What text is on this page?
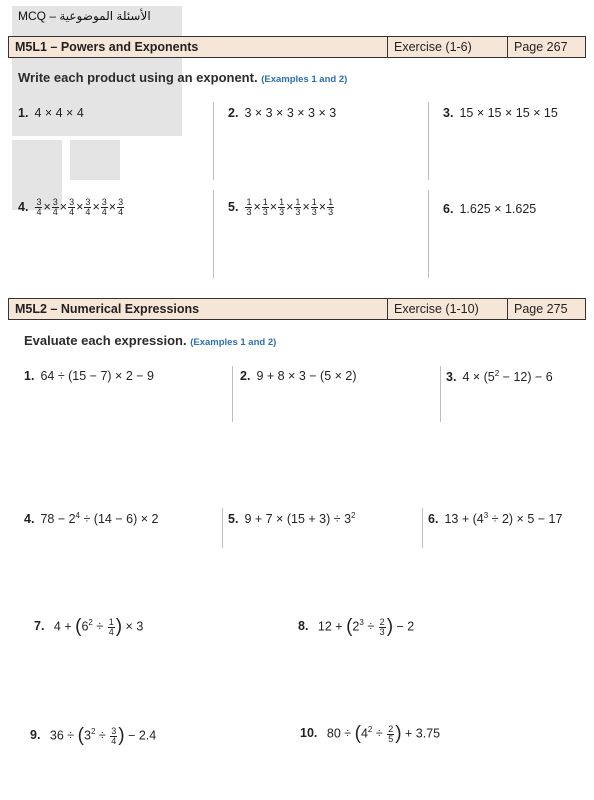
MCQ – الأسئلة الموضوعية
M5L1 – Powers and Exponents	Exercise (1-6)	Page 267
Write each product using an exponent. (Examples 1 and 2)
1. 4 × 4 × 4	2. 3 × 3 × 3 × 3 × 3	3. 15 × 15 × 15 × 15
4. $\frac{3}{4} \times \frac{3}{4} \times \frac{3}{4} \times \frac{3}{4} \times \frac{3}{4} \times \frac{3}{4}$	5. $\frac{1}{3} \times \frac{1}{3} \times \frac{1}{3} \times \frac{1}{3} \times \frac{1}{3} \times \frac{1}{3}$	6. 1.625 × 1.625
M5L2 – Numerical Expressions	Exercise (1-10)	Page 275
Evaluate each expression. (Examples 1 and 2)
1. 64 ÷ (15 − 7) × 2 − 9	2. 9 + 8 × 3 − (5 × 2)	3. $4 \times (5^2 - 12) - 6$
4. $78 - 2^4 \div (14 - 6) \times 2$	5. $9 + 7 \times (15 + 3) \div 3^2$	6. $13 + (4^3 \div 2) \times 5 - 17$
7. $4 + (6^2 \div \frac{1}{4}$ ) × 3	8. $12 + (2^3 \div \frac{2}{3}$ ) − 2
9. $36 \div (3^2 \div \frac{3}{4}$ ) − 2.4	10. $80 \div (4^2 \div \frac{2}{5}$ ) + 3.75
